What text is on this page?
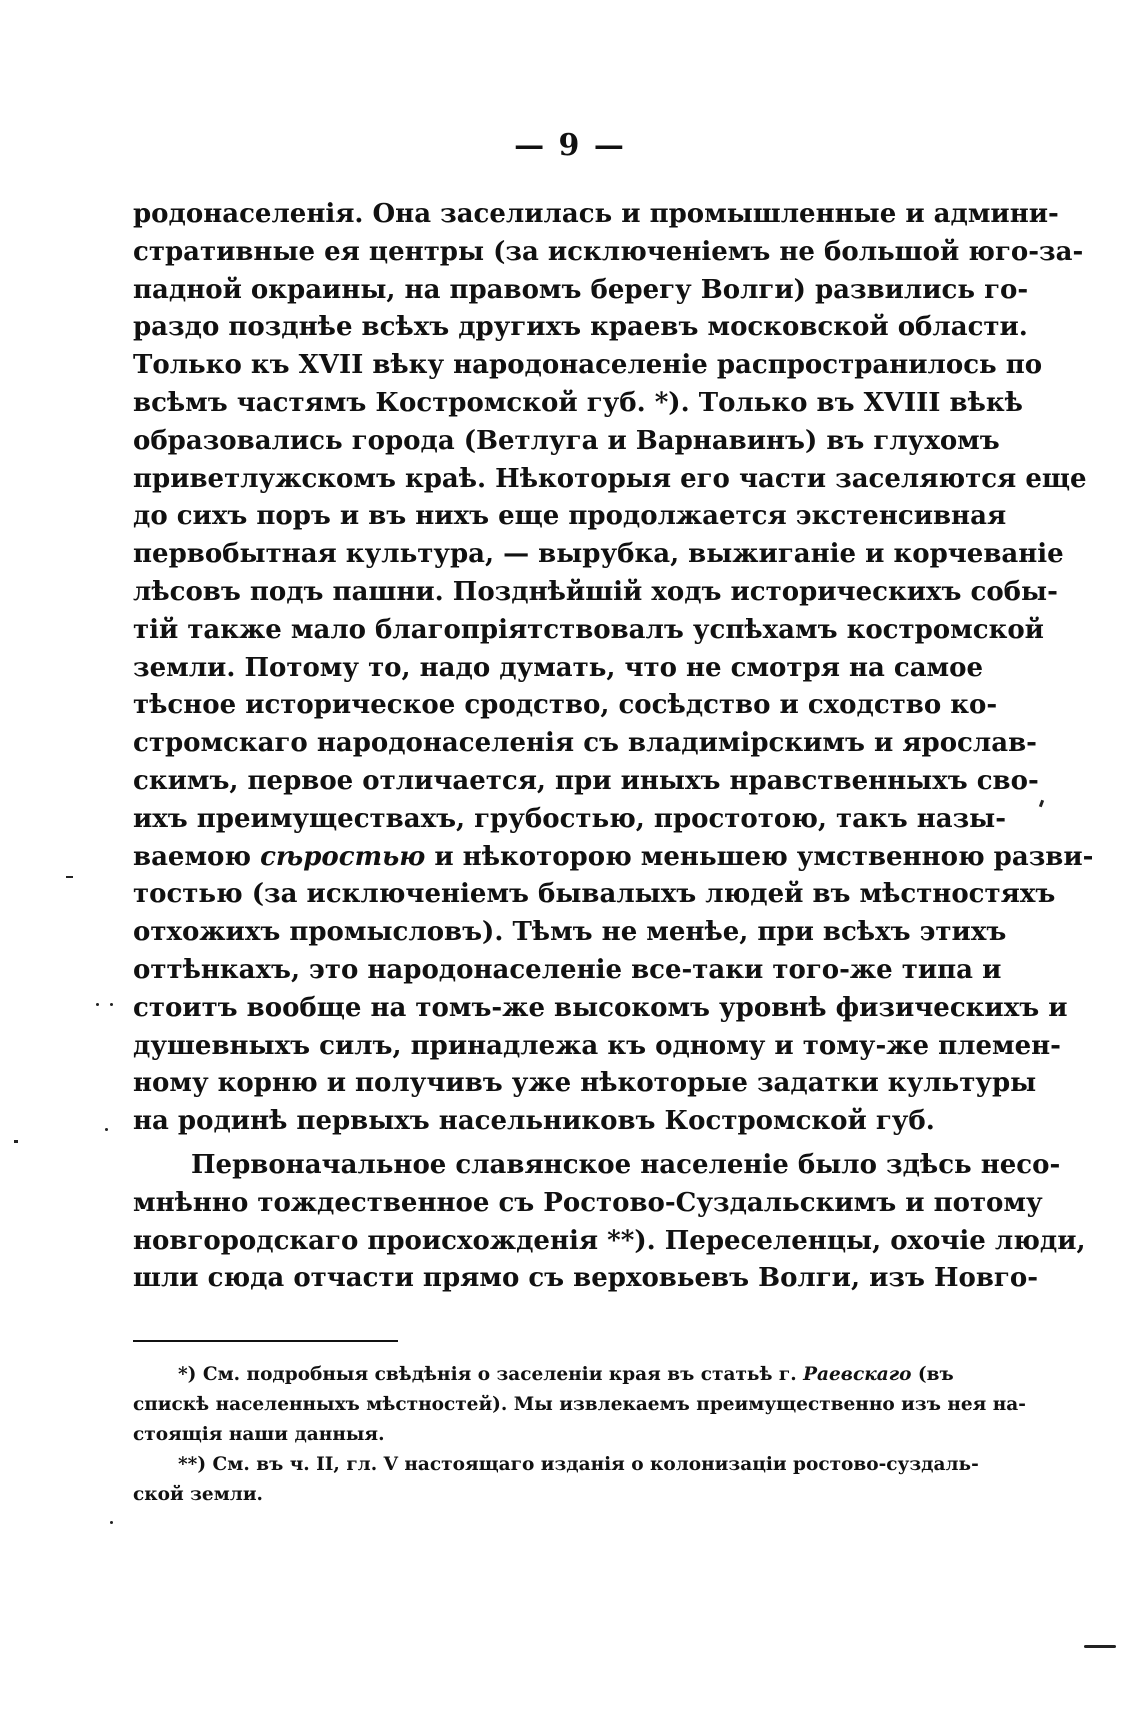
— 9 —
родонаселенія. Она заселилась и промышленные и админи-
стративные ея центры (за исключеніемъ не большой юго-за-
падной окраины, на правомъ берегу Волги) развились го-
раздо позднѣе всѣхъ другихъ краевъ московской области.
Только къ XVII вѣку народонаселеніе распространилось по
всѣмъ частямъ Костромской губ. *). Только въ XVIII вѣкѣ
образовались города (Ветлуга и Варнавинъ) въ глухомъ
приветлужскомъ краѣ. Нѣкоторыя его части заселяются еще
до сихъ поръ и въ нихъ еще продолжается экстенсивная
первобытная культура, — вырубка, выжиганіе и корчеваніе
лѣсовъ подъ пашни. Позднѣйшій ходъ историческихъ собы-
тій также мало благопріятствовалъ успѣхамъ костромской
земли. Потому то, надо думать, что не смотря на самое
тѣсное историческое сродство, сосѣдство и сходство ко-
стромскаго народонаселенія съ владимірскимъ и ярослав-
скимъ, первое отличается, при иныхъ нравственныхъ сво-
ихъ преимуществахъ, грубостью, простотою, такъ назы-
ваемою сѣростью и нѣкоторою меньшею умственною разви-
тостью (за исключеніемъ бывалыхъ людей въ мѣстностяхъ
отхожихъ промысловъ). Тѣмъ не менѣе, при всѣхъ этихъ
оттѣнкахъ, это народонаселеніе все-таки того-же типа и
стоитъ вообще на томъ-же высокомъ уровнѣ физическихъ и
душевныхъ силъ, принадлежа къ одному и тому-же племен-
ному корню и получивъ уже нѣкоторые задатки культуры
на родинѣ первыхъ насельниковъ Костромской губ.
Первоначальное славянское населеніе было здѣсь несо-
мнѣнно тождественное съ Ростово-Суздальскимъ и потому
новгородскаго происхожденія **). Переселенцы, охочіе люди,
шли сюда отчасти прямо съ верховьевъ Волги, изъ Новго-
*) См. подробныя свѣдѣнія о заселеніи края въ статьѣ г. Раевскаго (въ
спискѣ населенныхъ мѣстностей). Мы извлекаемъ преимущественно изъ нея на-
стоящія наши данныя.
**) См. въ ч. II, гл. V настоящаго изданія о колонизаціи ростово-суздаль-
ской земли.
